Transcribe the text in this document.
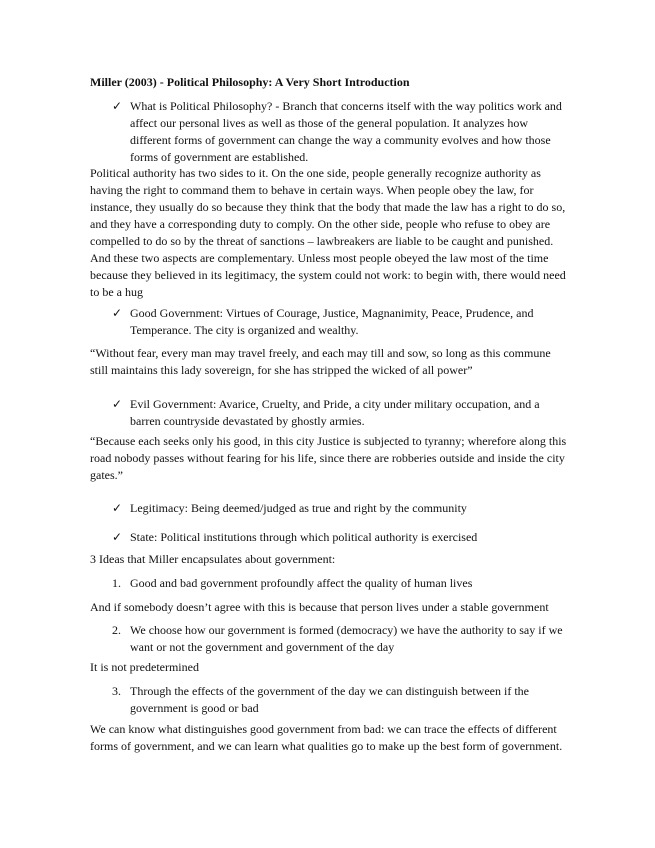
Miller (2003) - Political Philosophy: A Very Short Introduction

✓ What is Political Philosophy? - Branch that concerns itself with the way politics work and affect our personal lives as well as those of the general population. It analyzes how different forms of government can change the way a community evolves and how those forms of government are established.

Political authority has two sides to it. On the one side, people generally recognize authority as having the right to command them to behave in certain ways. When people obey the law, for instance, they usually do so because they think that the body that made the law has a right to do so, and they have a corresponding duty to comply. On the other side, people who refuse to obey are compelled to do so by the threat of sanctions – lawbreakers are liable to be caught and punished. And these two aspects are complementary. Unless most people obeyed the law most of the time because they believed in its legitimacy, the system could not work: to begin with, there would need to be a hug

✓ Good Government: Virtues of Courage, Justice, Magnanimity, Peace, Prudence, and Temperance. The city is organized and wealthy.

“Without fear, every man may travel freely, and each may till and sow, so long as this commune still maintains this lady sovereign, for she has stripped the wicked of all power”

✓ Evil Government: Avarice, Cruelty, and Pride, a city under military occupation, and a barren countryside devastated by ghostly armies.

“Because each seeks only his good, in this city Justice is subjected to tyranny; wherefore along this road nobody passes without fearing for his life, since there are robberies outside and inside the city gates.”

✓ Legitimacy: Being deemed/judged as true and right by the community
✓ State: Political institutions through which political authority is exercised

3 Ideas that Miller encapsulates about government:

1. Good and bad government profoundly affect the quality of human lives

And if somebody doesn’t agree with this is because that person lives under a stable government

2. We choose how our government is formed (democracy) we have the authority to say if we want or not the government and government of the day

It is not predetermined

3. Through the effects of the government of the day we can distinguish between if the government is good or bad

We can know what distinguishes good government from bad: we can trace the effects of different forms of government, and we can learn what qualities go to make up the best form of government.
